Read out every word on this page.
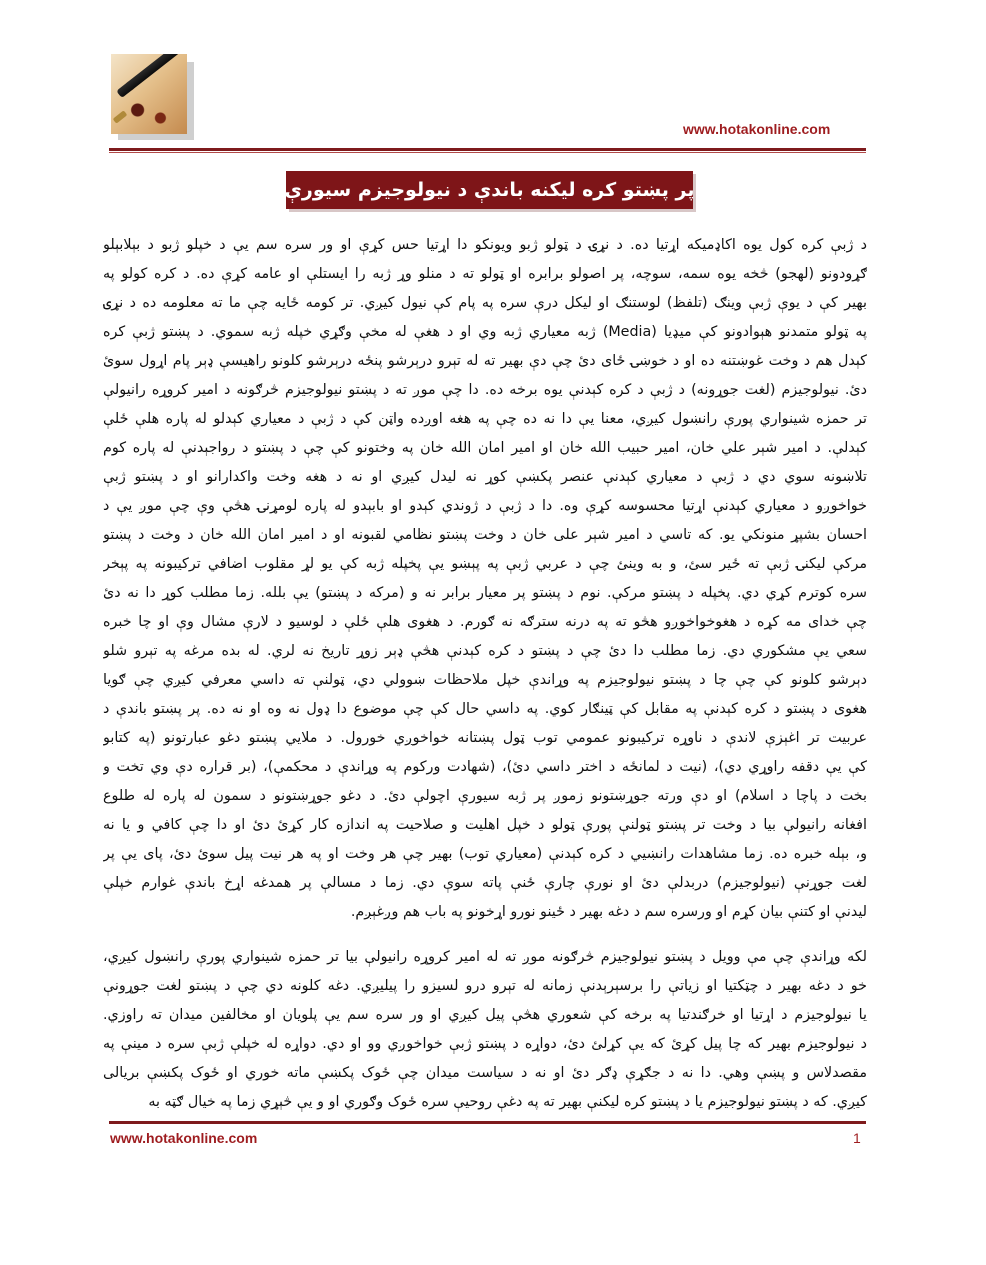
www.hotakonline.com
پر پښتو کره لیکنه باندې د نیولوجیزم سیورې
د ژبې کره کول یوه اکاډمیکه اړتیا ده. د نړۍ د ټولو ژبو ویونکو دا اړتیا حس کړې او ور سره سم یې د خپلو ژبو د بېلابېلو
ګړودونو (لهجو) څخه یوه سمه، سوچه، پر اصولو برابره او ټولو ته د منلو وړ ژبه را ایستلې او عامه کړې ده. د کره کولو په
بهیر کې د یوې ژبې وینګ (تلفظ) لوستنګ او لیکل درې سره په پام کې نیول کیږي. تر کومه ځایه چې ما ته معلومه ده د نړۍ
په ټولو متمدنو هېوادونو کې میډیا (Media) ژبه معیاري ژبه وي او د هغې له مخې وګړي خپله ژبه سموي. د پښتو ژبې کره
کېدل هم د وخت غوښتنه ده او د خوښۍ ځای دئ چې دې بهیر ته له تېرو درېرشو پنځه درېرشو کلونو راهیسې ډېر پام اړول سوئ
دئ. نیولوجیزم (لغت جوړونه) د ژبې د کره کېدنې یوه برخه ده. دا چې موږ ته د پښتو نیولوجیزم څرګونه د امیر کروړه رانیولې
تر حمزه شینواري پورې رانښول کیږي، معنا یې دا نه ده چې په هغه اوږده واټن کې د ژبې د معیاري کېدلو له پاره هلې ځلې
کېدلې. د امیر شېر علي خان، امیر حبیب الله خان او امیر امان الله خان په وختونو کې چې د پښتو د رواجېدنې له پاره کوم
تلاښونه سوي دي د ژبې د معیاري کېدنې عنصر پکښې کوړ نه لیدل کیږي او نه د هغه وخت واکدارانو او د پښتو ژبې
خواخوږو د معیاري کېدنې اړتیا محسوسه کړې وه. دا د ژبې د ژوندي کېدو او بابېدو له پاره لومړنۍ هڅې وې چې موږ یې د
احسان بشپړ منونکي یو. که تاسي د امیر شېر علی خان د وخت پښتو نظامي لقبونه او د امیر امان الله خان د وخت د پښتو
مرکې لیکنۍ ژبې ته ځیر سئ، و به وینئ چې د عربي ژبې په پېښو یې پخپله ژبه کې یو لړ مقلوب اضافي ترکیبونه په پېخر
سره کوترم کړي دي. پخپله د پښتو مرکې. نوم د پښتو پر معیار برابر نه و (مرکه د پښتو) یې بلله. زما مطلب کوړ دا نه دئ
چې خدای مه کړه د هغوخواخوږو هڅو ته په درنه سترګه نه ګورم. د هغوی هلې ځلې د لوسیو د لارې مشال وې او چا خبره
سعي یې مشکوري دي. زما مطلب دا دئ چې د پښتو د کره کېدنې هڅې ډېر زوړ تاریخ نه لري. له بده مرغه په تېرو شلو
دېرشو کلونو کې چې چا د پښتو نیولوجیزم په وړاندې خپل ملاحظات ښوولي دي، ټولنې ته داسي معرفي کیږي چې ګویا
هغوی د پښتو د کره کېدنې په مقابل کې ټینګار کوي. په داسي حال کې چې موضوع دا ډول نه وه او نه ده. پر پښتو باندې د
عربیت تر اغېزې لاندې د ناوړه ترکیبونو عمومي توب ټول پښتانه خواخوږي خورول. د ملايي پښتو دغو عبارتونو (په کتابو
کې یې دقفه راوړي دي)، (نیت د لمانځه د اختر داسي دئ)، (شهادت ورکوم په وړاندې د محکمې)، (بر قراره دې وي تخت و
بخت د پاچا د اسلام) او دې ورته جوړښتونو زموږ پر ژبه سیورې اچولې دئ. د دغو جوړښتونو د سمون له پاره له طلوع
افغانه رانیولې بیا د وخت تر پښتو ټولنې پورې ټولو د خپل اهلیت و صلاحیت په اندازه کار کړئ دئ او دا چې کافي و یا نه
و، بېله خبره ده. زما مشاهدات رانښیي د کره کېدنې (معیاري توب) بهیر چې هر وخت او په هر نیت پیل سوئ دئ، پای یې پر
لغت جوړنې (نیولوجیزم) دربدلې دئ او نورې چارې ځنې پاته سوې دي. زما د مسالې پر همدغه اړخ باندې غوارم خپلې
لیدنې او کتنې بیان کړم او ورسره سم د دغه بهیر د ځینو نورو اړخونو په باب هم وږغېږم.
لکه وړاندې چې مې وویل د پښتو نیولوجیزم څرګونه موږ ته له امیر کروړه رانیولې بیا تر حمزه شینواري پورې رانښول کیږي،
خو د دغه بهیر د چټکتیا او زیاتې را برسېرېدنې زمانه له تېرو درو لسیزو را پیلیږي. دغه کلونه دي چې د پښتو لغت جوړونې
یا نیولوجیزم د اړتیا او خرګندتیا په برخه کې شعوري هڅې پیل کیږي او ور سره سم یې پلویان او مخالفین میدان ته راوزي.
د نیولوجیزم بهیر که چا پیل کړئ که یې کړلئ دئ، دواړه د پښتو ژبې خواخوږي وو او دي. دواړه له خپلې ژبې سره د مینې په
مقصدلاس و پښې وهي. دا نه د جګړې ډګر دئ او نه د سیاست میدان چې ځوک پکښې ماته خوري او ځوک پکښې بریالی
کیږي. که د پښتو نیولوجیزم یا د پښتو کره لیکنې بهیر ته په دغې روحیې سره ځوک وګوري او و یې څېړي زما په خیال ګټه به
www.hotakonline.com	1
